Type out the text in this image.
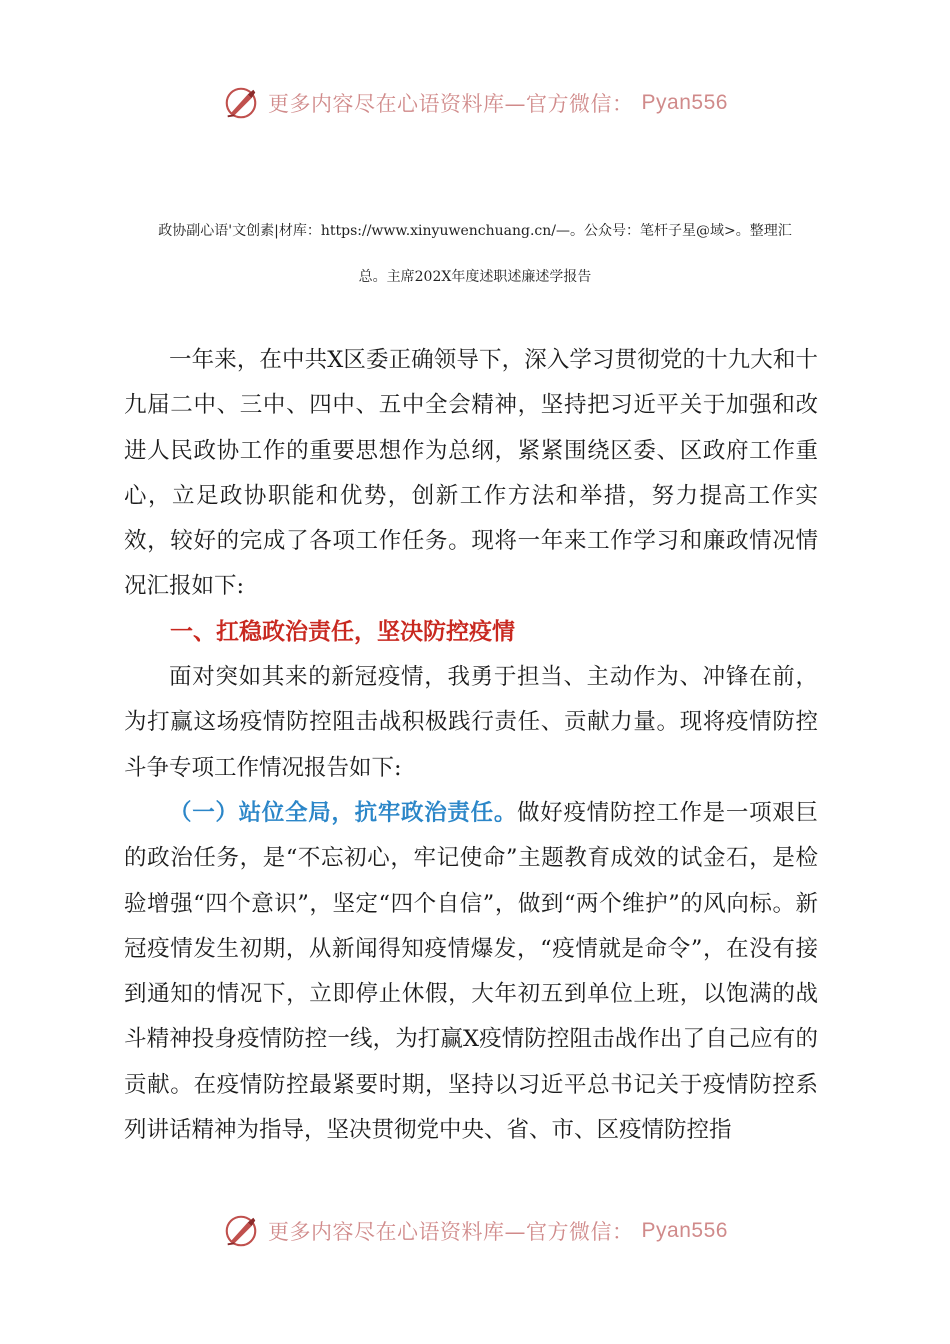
更多内容尽在心语资料库—官方微信： Pyan556

政协副心语'文创素|材库：https://www.xinyuwenchuang.cn/—。公众号：笔杆子星@域>。整理汇

总。主席202X年度述职述廉述学报告

一年来，在中共X区委正确领导下，深入学习贯彻党的十九大和十九届二中、三中、四中、五中全会精神，坚持把习近平关于加强和改进人民政协工作的重要思想作为总纲，紧紧围绕区委、区政府工作重心，立足政协职能和优势，创新工作方法和举措，努力提高工作实效，较好的完成了各项工作任务。现将一年来工作学习和廉政情况情况汇报如下:

一、扛稳政治责任，坚决防控疫情

面对突如其来的新冠疫情，我勇于担当、主动作为、冲锋在前，为打赢这场疫情防控阻击战积极践行责任、贡献力量。现将疫情防控斗争专项工作情况报告如下:

（一）站位全局，抗牢政治责任。做好疫情防控工作是一项艰巨的政治任务，是“不忘初心，牢记使命”主题教育成效的试金石，是检验增强“四个意识”，坚定“四个自信”，做到“两个维护”的风向标。新冠疫情发生初期，从新闻得知疫情爆发，“疫情就是命令”，在没有接到通知的情况下，立即停止休假，大年初五到单位上班，以饱满的战斗精神投身疫情防控一线，为打赢X疫情防控阻击战作出了自己应有的贡献。在疫情防控最紧要时期，坚持以习近平总书记关于疫情防控系列讲话精神为指导，坚决贯彻党中央、省、市、区疫情防控指

更多内容尽在心语资料库—官方微信： Pyan556
